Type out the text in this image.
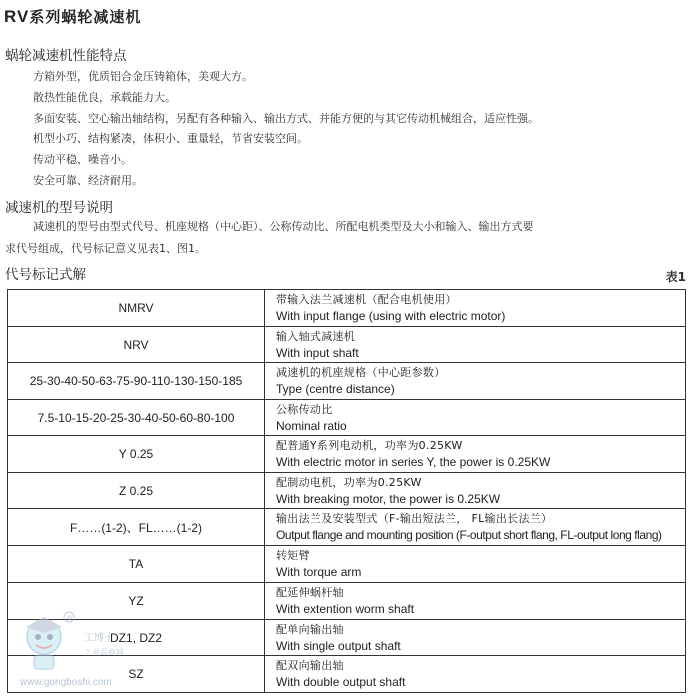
RV系列蜗轮减速机
蜗轮减速机性能特点
方箱外型，优质铝合金压铸箱体，美观大方。
散热性能优良，承载能力大。
多面安装、空心输出轴结构，另配有各种输入、输出方式、并能方便的与其它传动机械组合，适应性强。
机型小巧、结构紧凑，体积小、重量轻，节省安装空间。
传动平稳、噪音小。
安全可靠、经济耐用。
减速机的型号说明
减速机的型号由型式代号、机座规格（中心距）、公称传动比、所配电机类型及大小和输入、输出方式要
求代号组成，代号标记意义见表1、图1。
代号标记式解	表1
NMRV	带输入法兰减速机（配合电机使用）
With input flange (using with electric motor)

NRV	输入轴式减速机
With input shaft

25-30-40-50-63-75-90-110-130-150-185	减速机的机座规格（中心距参数）
Type (centre distance)

7.5-10-15-20-25-30-40-50-60-80-100	公称传动比
Nominal ratio

Y 0.25	配普通Y系列电动机，功率为0.25KW
With electric motor in series Y, the power is 0.25KW

Z 0.25	配制动电机，功率为0.25KW
With breaking motor, the power is 0.25KW

F……(1-2)、FL……(1-2)	输出法兰及安装型式（F-输出短法兰， FL输出长法兰）
Output flange and mounting position (F-output short flang, FL-output long flang)

TA	转矩臂
With torque arm

YZ	配延伸蜗杆轴
With extention worm shaft

DZ1, DZ2	配单向输出轴
With single output shaft

SZ	配双向输出轴
With double output shaft
®
工博士
工业品商城
www.gongboshi.com
